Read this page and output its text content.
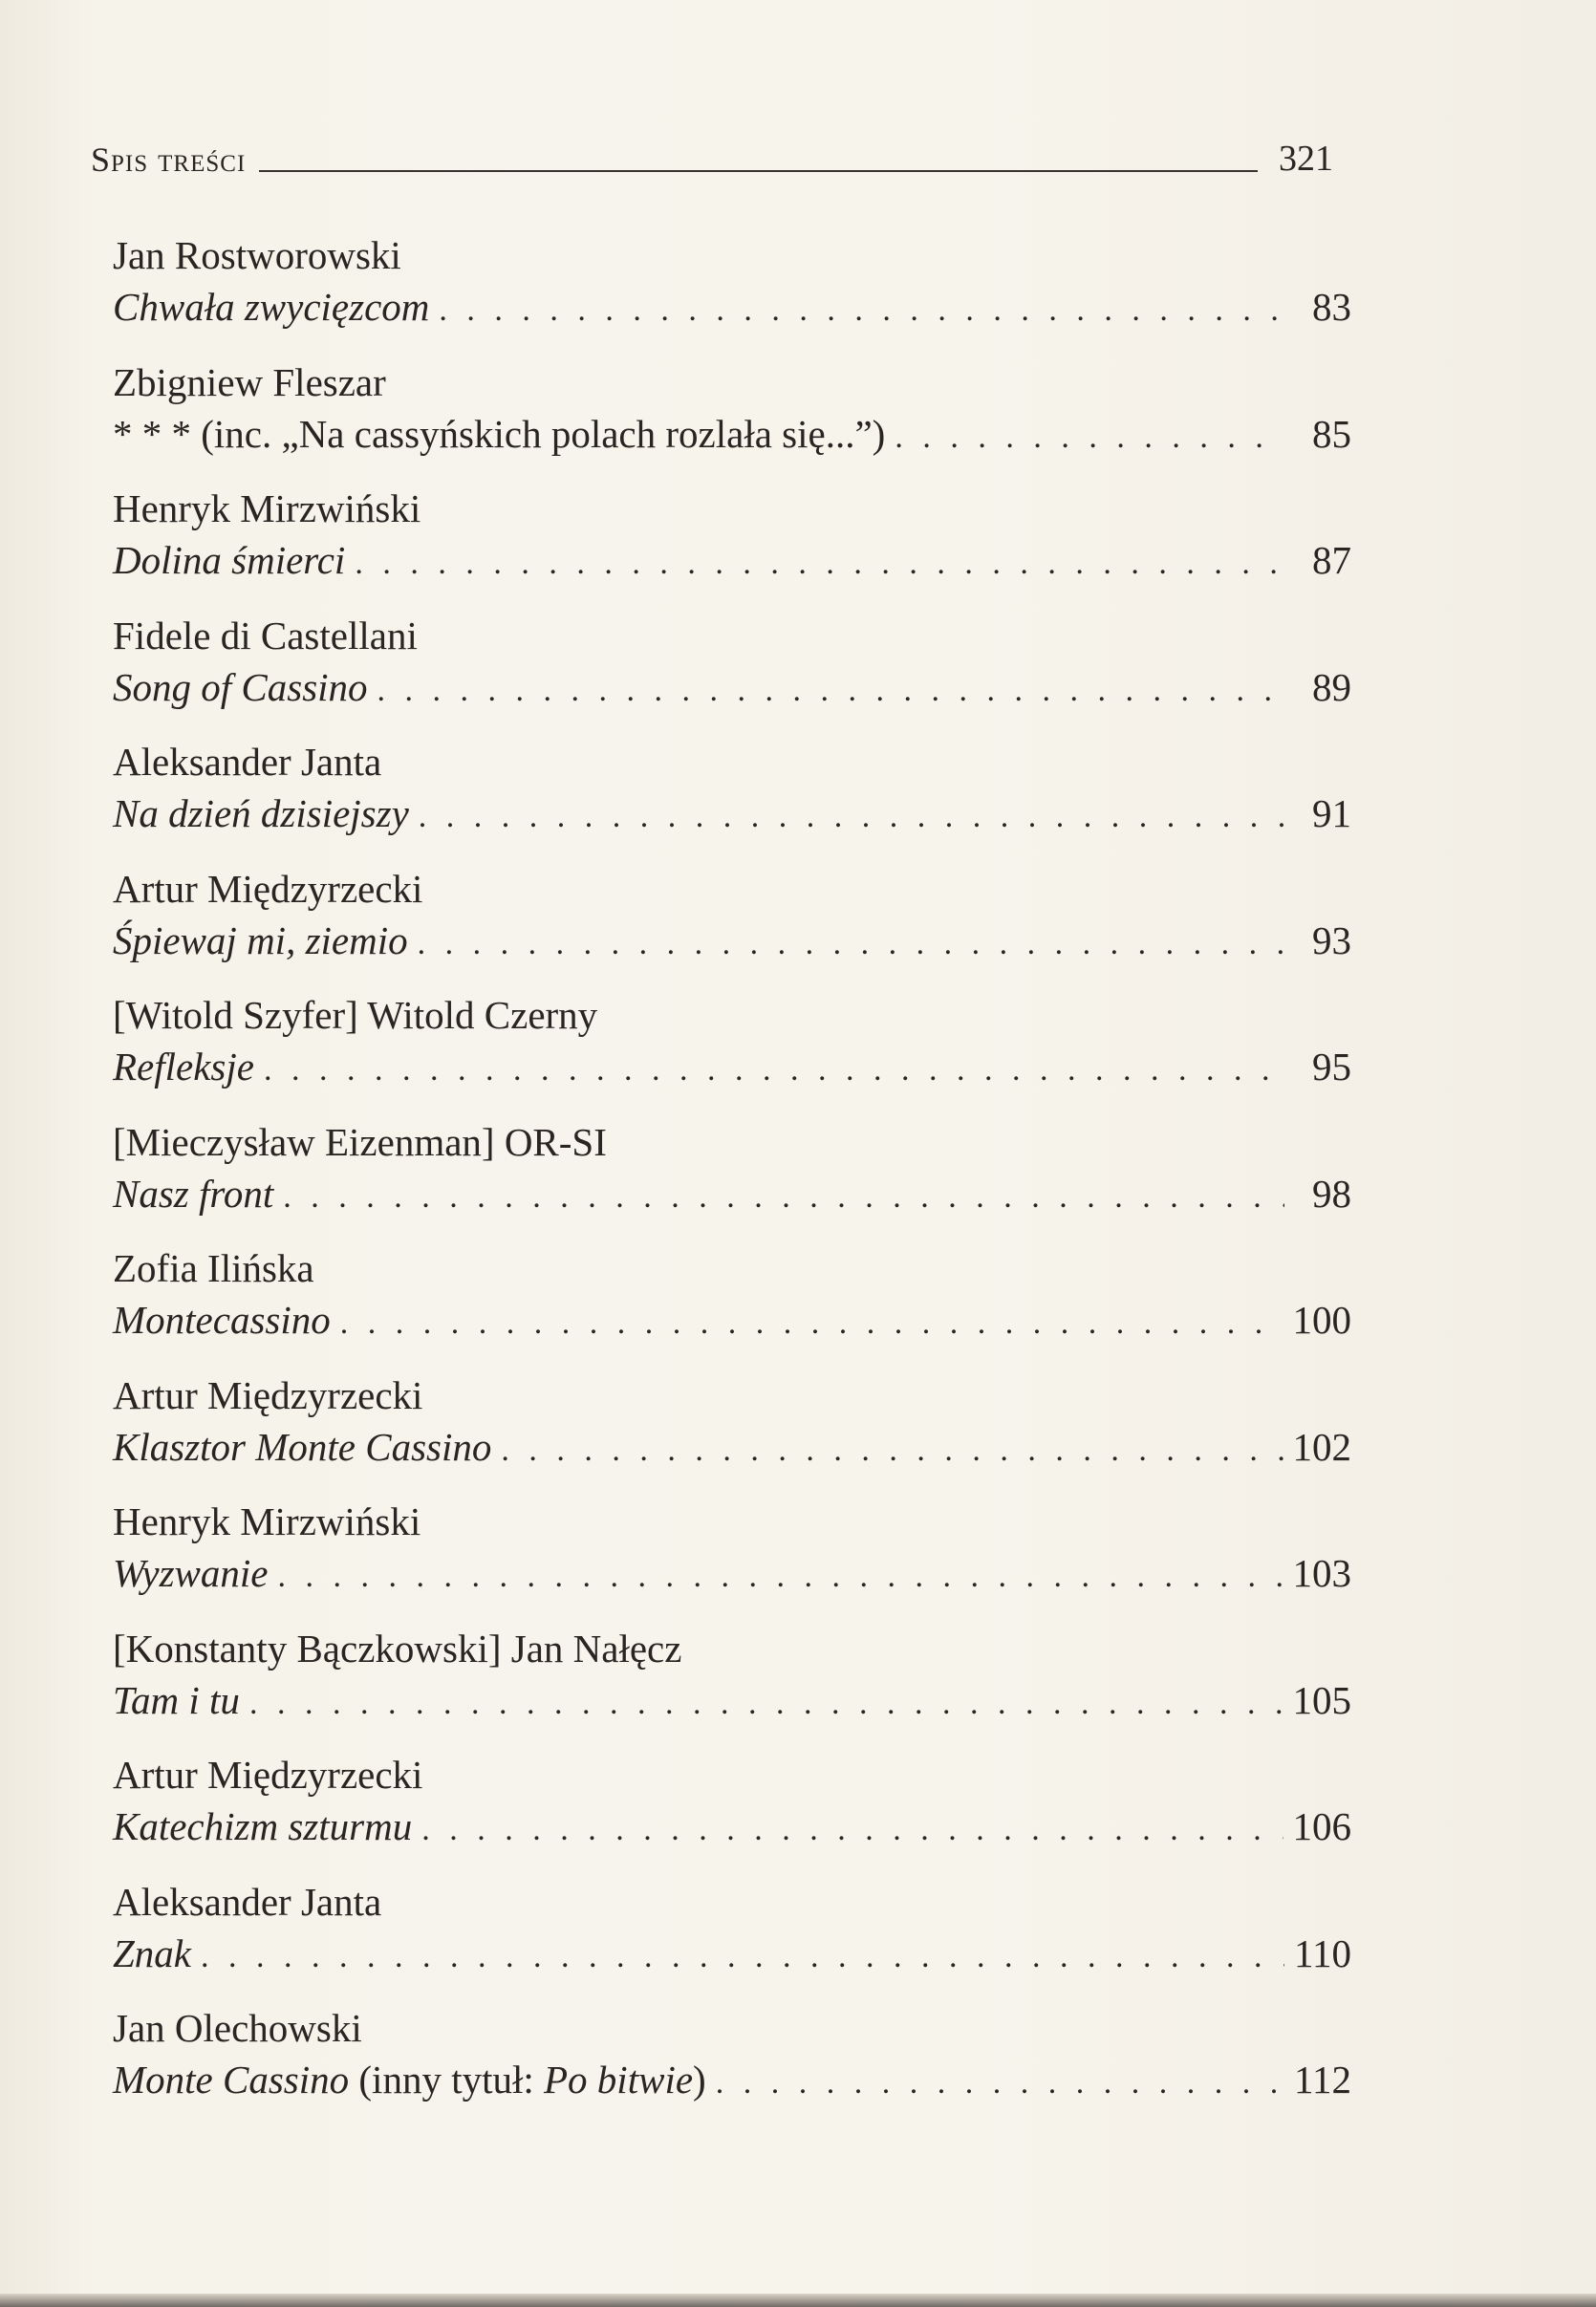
Spis treści	321
Jan Rostworowski
Chwała zwycięzcom . . .	83
Zbigniew Fleszar
* * * (inc. „Na cassyńskich polach rozlała się...”) . . .	85
Henryk Mirzwiński
Dolina śmierci . . .	87
Fidele di Castellani
Song of Cassino . . .	89
Aleksander Janta
Na dzień dzisiejszy . . .	91
Artur Międzyrzecki
Śpiewaj mi, ziemio . . .	93
[Witold Szyfer] Witold Czerny
Refleksje . . .	95
[Mieczysław Eizenman] OR-SI
Nasz front . . .	98
Zofia Ilińska
Montecassino . . .	100
Artur Międzyrzecki
Klasztor Monte Cassino . . .	102
Henryk Mirzwiński
Wyzwanie . . .	103
[Konstanty Bączkowski] Jan Nałęcz
Tam i tu . . .	105
Artur Międzyrzecki
Katechizm szturmu . . .	106
Aleksander Janta
Znak . . .	110
Jan Olechowski
Monte Cassino (inny tytuł: Po bitwie) . . .	112
